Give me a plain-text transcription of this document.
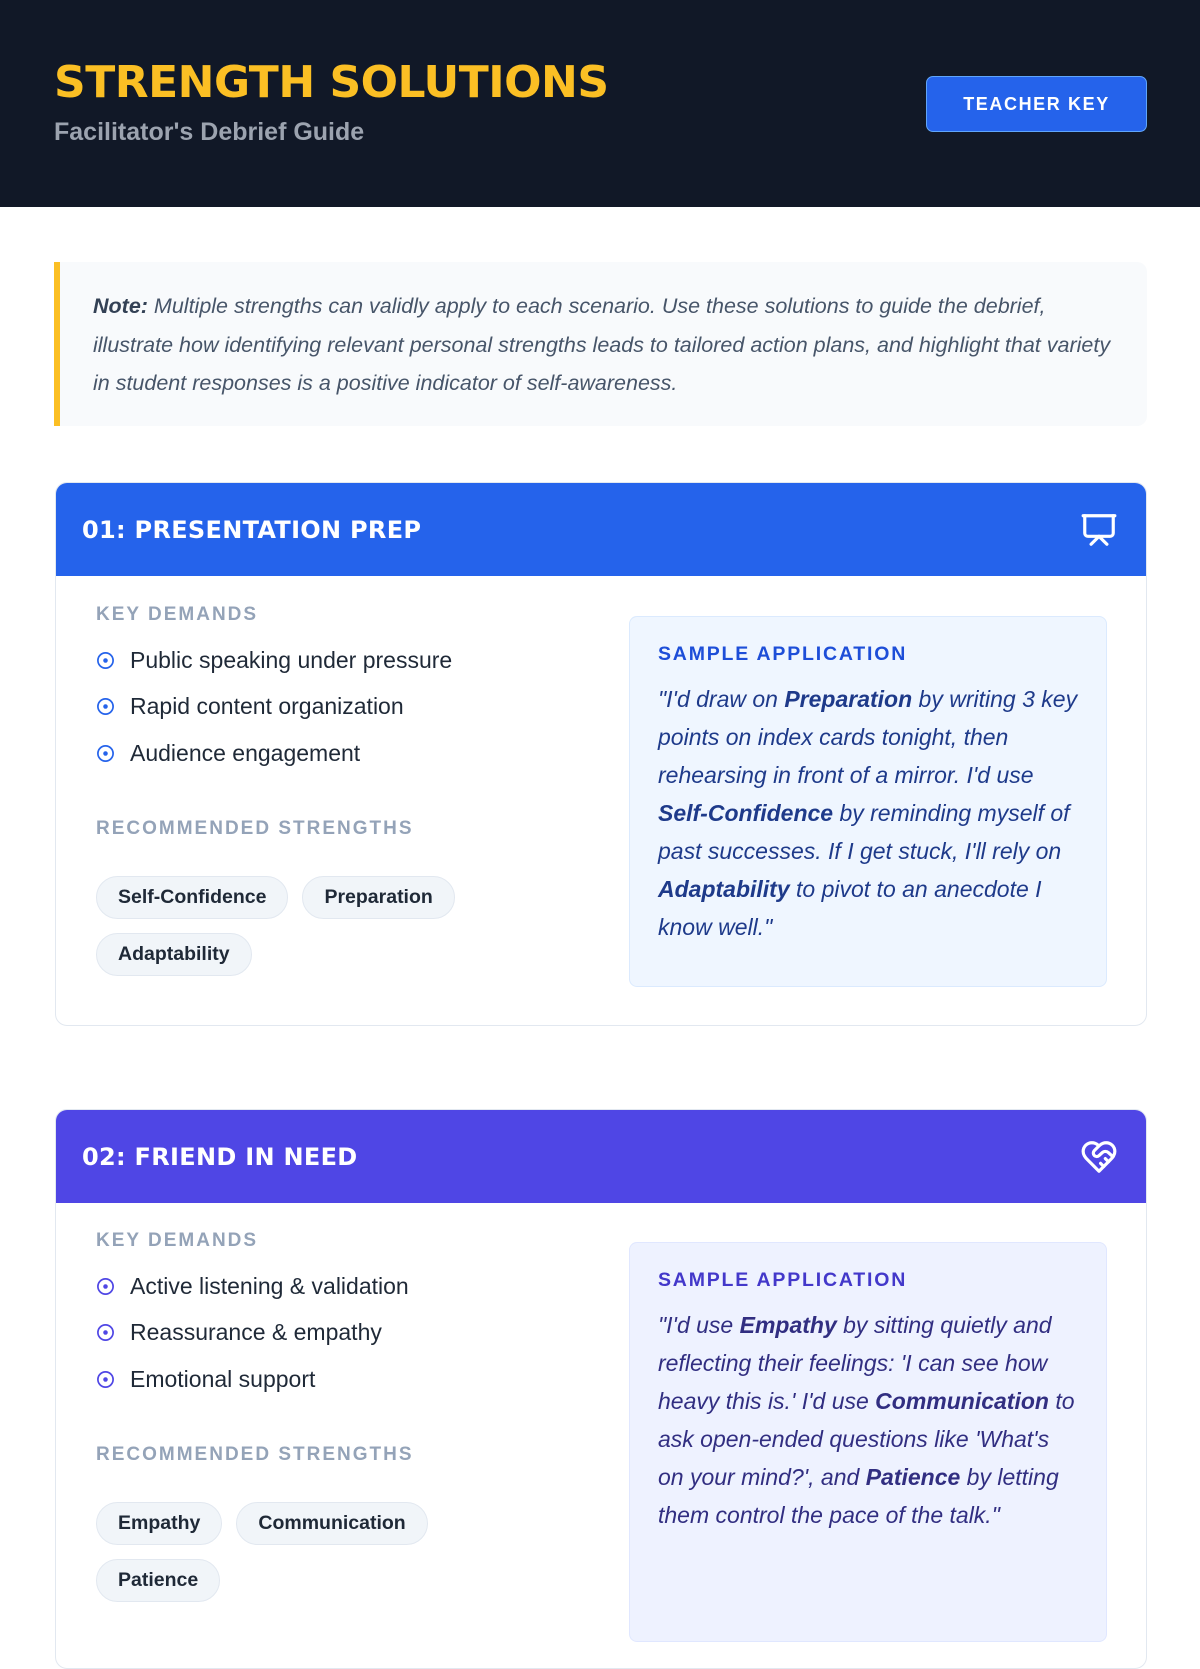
STRENGTH SOLUTIONS
Facilitator's Debrief Guide
TEACHER KEY
Note: Multiple strengths can validly apply to each scenario. Use these solutions to guide the debrief, illustrate how identifying relevant personal strengths leads to tailored action plans, and highlight that variety in student responses is a positive indicator of self-awareness.
01: PRESENTATION PREP
KEY DEMANDS
Public speaking under pressure
Rapid content organization
Audience engagement
RECOMMENDED STRENGTHS
Self-Confidence	Preparation
Adaptability
SAMPLE APPLICATION
"I'd draw on Preparation by writing 3 key points on index cards tonight, then rehearsing in front of a mirror. I'd use Self-Confidence by reminding myself of past successes. If I get stuck, I'll rely on Adaptability to pivot to an anecdote I know well."
02: FRIEND IN NEED
KEY DEMANDS
Active listening & validation
Reassurance & empathy
Emotional support
RECOMMENDED STRENGTHS
Empathy	Communication
Patience
SAMPLE APPLICATION
"I'd use Empathy by sitting quietly and reflecting their feelings: 'I can see how heavy this is.' I'd use Communication to ask open-ended questions like 'What's on your mind?', and Patience by letting them control the pace of the talk."
